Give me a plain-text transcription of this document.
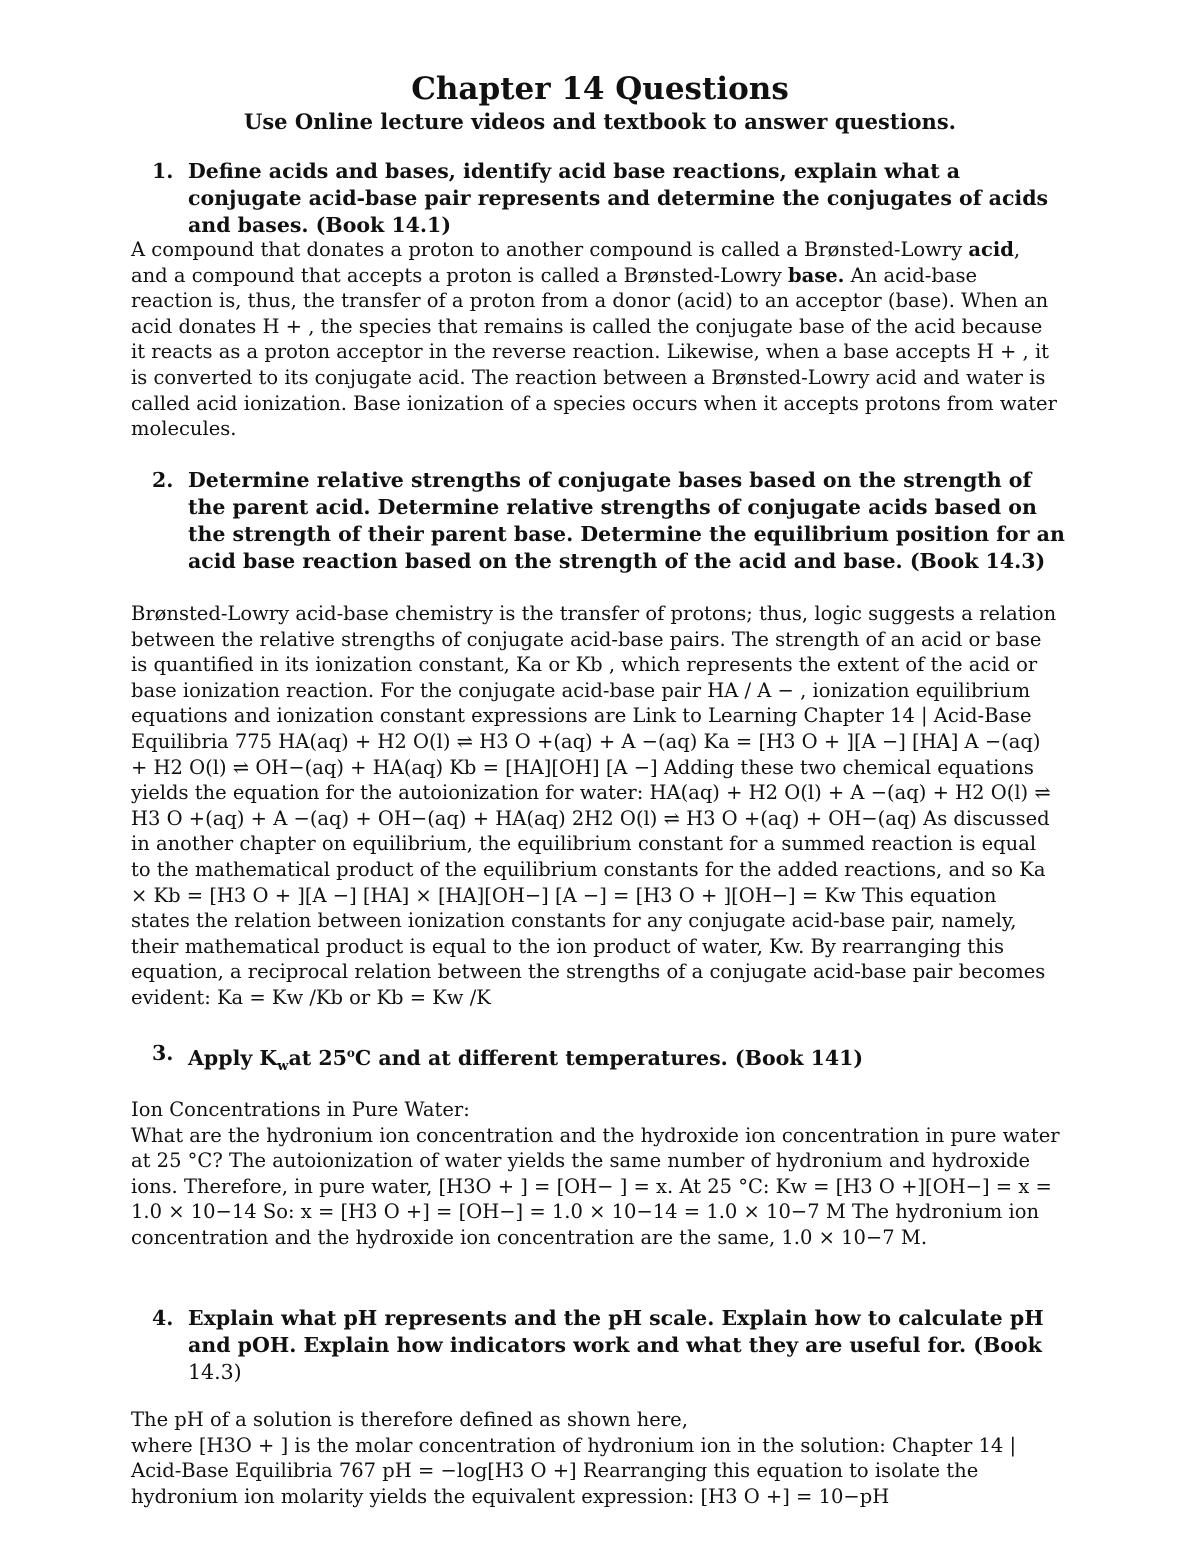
Chapter 14 Questions

Use Online lecture videos and textbook to answer questions.

1. Define acids and bases, identify acid base reactions, explain what a conjugate acid-base pair represents and determine the conjugates of acids and bases. (Book 14.1)

A compound that donates a proton to another compound is called a Brønsted-Lowry acid, and a compound that accepts a proton is called a Brønsted-Lowry base. An acid-base reaction is, thus, the transfer of a proton from a donor (acid) to an acceptor (base). When an acid donates H + , the species that remains is called the conjugate base of the acid because it reacts as a proton acceptor in the reverse reaction. Likewise, when a base accepts H + , it is converted to its conjugate acid. The reaction between a Brønsted-Lowry acid and water is called acid ionization. Base ionization of a species occurs when it accepts protons from water molecules.

2. Determine relative strengths of conjugate bases based on the strength of the parent acid. Determine relative strengths of conjugate acids based on the strength of their parent base. Determine the equilibrium position for an acid base reaction based on the strength of the acid and base. (Book 14.3)

Brønsted-Lowry acid-base chemistry is the transfer of protons; thus, logic suggests a relation between the relative strengths of conjugate acid-base pairs. The strength of an acid or base is quantified in its ionization constant, Ka or Kb , which represents the extent of the acid or base ionization reaction. For the conjugate acid-base pair HA / A − , ionization equilibrium equations and ionization constant expressions are Link to Learning Chapter 14 | Acid-Base Equilibria 775 HA(aq) + H2 O(l) ⇌ H3 O +(aq) + A −(aq) Ka = [H3 O + ][A −] [HA] A −(aq) + H2 O(l) ⇌ OH−(aq) + HA(aq) Kb = [HA][OH] [A −] Adding these two chemical equations yields the equation for the autoionization for water: HA(aq) + H2 O(l) + A −(aq) + H2 O(l) ⇌ H3 O +(aq) + A −(aq) + OH−(aq) + HA(aq) 2H2 O(l) ⇌ H3 O +(aq) + OH−(aq) As discussed in another chapter on equilibrium, the equilibrium constant for a summed reaction is equal to the mathematical product of the equilibrium constants for the added reactions, and so Ka × Kb = [H3 O + ][A −] [HA] × [HA][OH−] [A −] = [H3 O + ][OH−] = Kw This equation states the relation between ionization constants for any conjugate acid-base pair, namely, their mathematical product is equal to the ion product of water, Kw. By rearranging this equation, a reciprocal relation between the strengths of a conjugate acid-base pair becomes evident: Ka = Kw /Kb or Kb = Kw /K

3. Apply $K_wat$ 25$^o$C and at different temperatures. (Book 141)

Ion Concentrations in Pure Water:
What are the hydronium ion concentration and the hydroxide ion concentration in pure water at 25 °C? The autoionization of water yields the same number of hydronium and hydroxide ions. Therefore, in pure water, [H3O + ] = [OH− ] = x. At 25 °C: Kw = [H3 O +][OH−] = x = 1.0 × 10−14 So: x = [H3 O +] = [OH−] = 1.0 × 10−14 = 1.0 × 10−7 M The hydronium ion concentration and the hydroxide ion concentration are the same, 1.0 × 10−7 M.

4. Explain what pH represents and the pH scale. Explain how to calculate pH and pOH. Explain how indicators work and what they are useful for. (Book
14.3)

The pH of a solution is therefore defined as shown here,
where [H3O + ] is the molar concentration of hydronium ion in the solution: Chapter 14 | Acid-Base Equilibria 767 pH = −log[H3 O +] Rearranging this equation to isolate the hydronium ion molarity yields the equivalent expression: [H3 O +] = 10−pH
